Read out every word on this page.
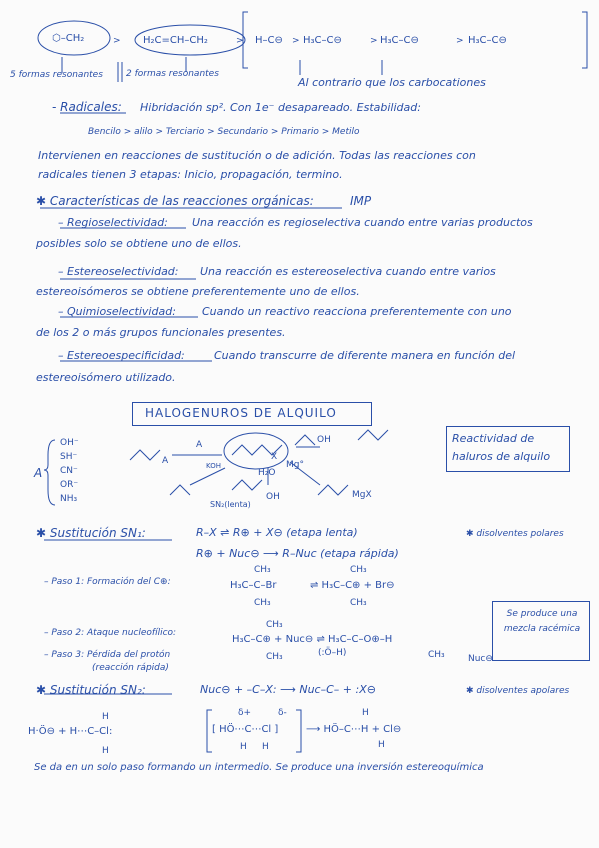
⬡–CH₂	> H₂C=CH–CH₂	> H–C⊖ > H₃C–C⊖	> H₃C–C⊖	> H₃C–C⊖
5 formas resonantes	2 formas resonantes
Al contrario que los carbocationes
- Radicales: Hibridación sp². Con 1e⁻ desapareado. Estabilidad:
Bencilo > alilo > Terciario > Secundario > Primario > Metilo
Intervienen en reacciones de sustitución o de adición. Todas las reacciones con
radicales tienen 3 etapas: Inicio, propagación, termino.
✱ Características de las reacciones orgánicas:	IMP
– Regioselectividad: Una reacción es regioselectiva cuando entre varias productos
posibles solo se obtiene uno de ellos.
– Estereoselectividad: Una reacción es estereoselectiva cuando entre varios
estereoisómeros se obtiene preferentemente uno de ellos.
– Quimioselectividad: Cuando un reactivo reacciona preferentemente con uno
de los 2 o más grupos funcionales presentes.
– Estereoespecificidad:	Cuando transcurre de diferente manera en función del
estereoisómero utilizado.
HALOGENUROS DE ALQUILO
Reactividad de haluros de alquilo
A
OH⁻
SH⁻
CN⁻
OR⁻
NH₃
A
A	X
OH
KOH
H₂O
Mg°
SN₂(lenta)
OH	MgX
✱ Sustitución SN₁:	R–X ⇌ R⊕ + X⊖ (etapa lenta)
R⊕ + Nuc⊖ ⟶ R–Nuc (etapa rápida)
✱ disolventes polares
– Paso 1: Formación del C⊕:
CH₃
H₃C–C–Br
CH₃
CH₃
⇌ H₃C–C⊕ + Br⊖
CH₃
– Paso 2: Ataque nucleofílico:
CH₃
H₃C–C⊕ + Nuc⊖ ⇌ H₃C–C–O⊕–H
CH₃	(:Ö–H)	CH₃	Nuc⊖
– Paso 3: Pérdida del protón
(reacción rápida)
Se produce una mezcla racémica
✱ Sustitución SN₂:	Nuc⊖ + –C–X: ⟶ Nuc–C– + :X⊖	✱ disolventes apolares
H
H·Ö⊖ + H⋯C–Cl:
H
δ+	δ-
[ HÖ⋯C⋯Cl ]
H H
H
⟶ HÖ–C⋯H + Cl⊖
H
Se da en un solo paso formando un intermedio. Se produce una inversión estereoquímica
